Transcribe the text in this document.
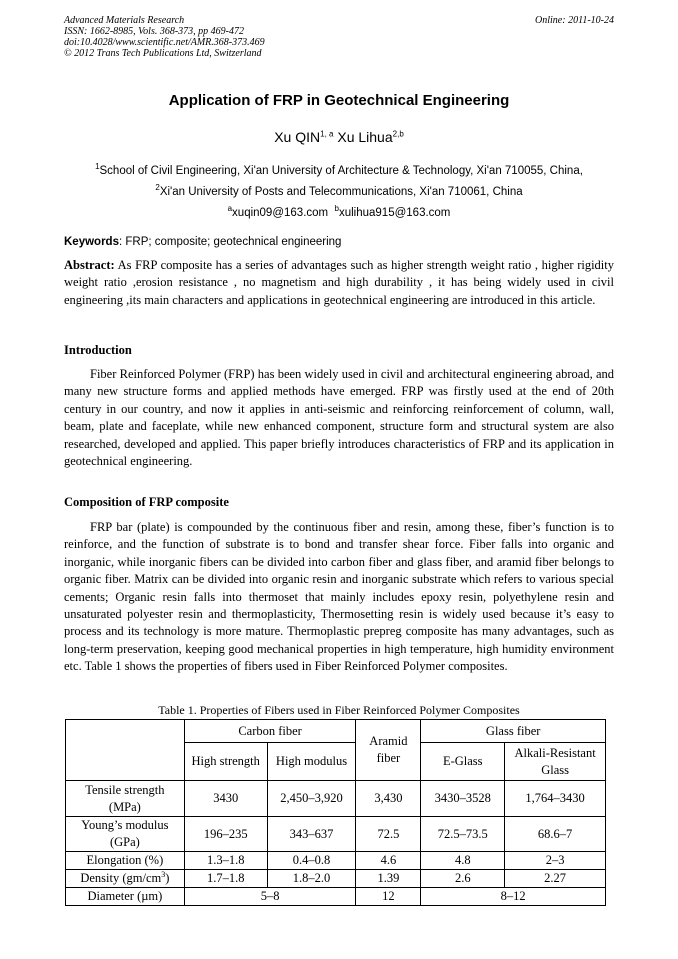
Advanced Materials Research
ISSN: 1662-8985, Vols. 368-373, pp 469-472
doi:10.4028/www.scientific.net/AMR.368-373.469
© 2012 Trans Tech Publications Ltd, Switzerland
Online: 2011-10-24
Application of FRP in Geotechnical Engineering
Xu QIN$^{1, a}$ Xu Lihua$^{2,b}$
$^1$School of Civil Engineering, Xi'an University of Architecture & Technology, Xi'an 710055, China,
$^2$Xi'an University of Posts and Telecommunications, Xi'an 710061, China
$^a$xuqin09@163.com $^b$xulihua915@163.com
Keywords: FRP; composite; geotechnical engineering
Abstract: As FRP composite has a series of advantages such as higher strength weight ratio , higher rigidity weight ratio ,erosion resistance , no magnetism and high durability , it has being widely used in civil engineering ,its main characters and applications in geotechnical engineering are introduced in this article.
Introduction
Fiber Reinforced Polymer (FRP) has been widely used in civil and architectural engineering abroad, and many new structure forms and applied methods have emerged. FRP was firstly used at the end of 20th century in our country, and now it applies in anti-seismic and reinforcing reinforcement of column, wall, beam, plate and faceplate, while new enhanced component, structure form and structural system are also researched, developed and applied. This paper briefly introduces characteristics of FRP and its application in geotechnical engineering.
Composition of FRP composite
FRP bar (plate) is compounded by the continuous fiber and resin, among these, fiber’s function is to reinforce, and the function of substrate is to bond and transfer shear force. Fiber falls into organic and inorganic, while inorganic fibers can be divided into carbon fiber and glass fiber, and aramid fiber belongs to organic fiber. Matrix can be divided into organic resin and inorganic substrate which refers to various special cements; Organic resin falls into thermoset that mainly includes epoxy resin, polyethylene resin and unsaturated polyester resin and thermoplasticity, Thermosetting resin is widely used because it’s easy to process and its technology is more mature. Thermoplastic prepreg composite has many advantages, such as long-term preservation, keeping good mechanical properties in high temperature, high humidity environment etc. Table 1 shows the properties of fibers used in Fiber Reinforced Polymer composites.
Table 1. Properties of Fibers used in Fiber Reinforced Polymer Composites
	Carbon fiber		Aramid fiber	Glass fiber	
	High strength	High modulus		E-Glass	Alkali-Resistant Glass
Tensile strength (MPa)	3430	2,450–3,920	3,430	3430–3528	1,764–3430
Young’s modulus (GPa)	196–235	343–637	72.5	72.5–73.5	68.6–7
Elongation (%)	1.3–1.8	0.4–0.8	4.6	4.8	2–3
Density $(gm/cm^3)$	1.7–1.8	1.8–2.0	1.39	2.6	2.27
Diameter (µm)	5–8		12	8–12	
